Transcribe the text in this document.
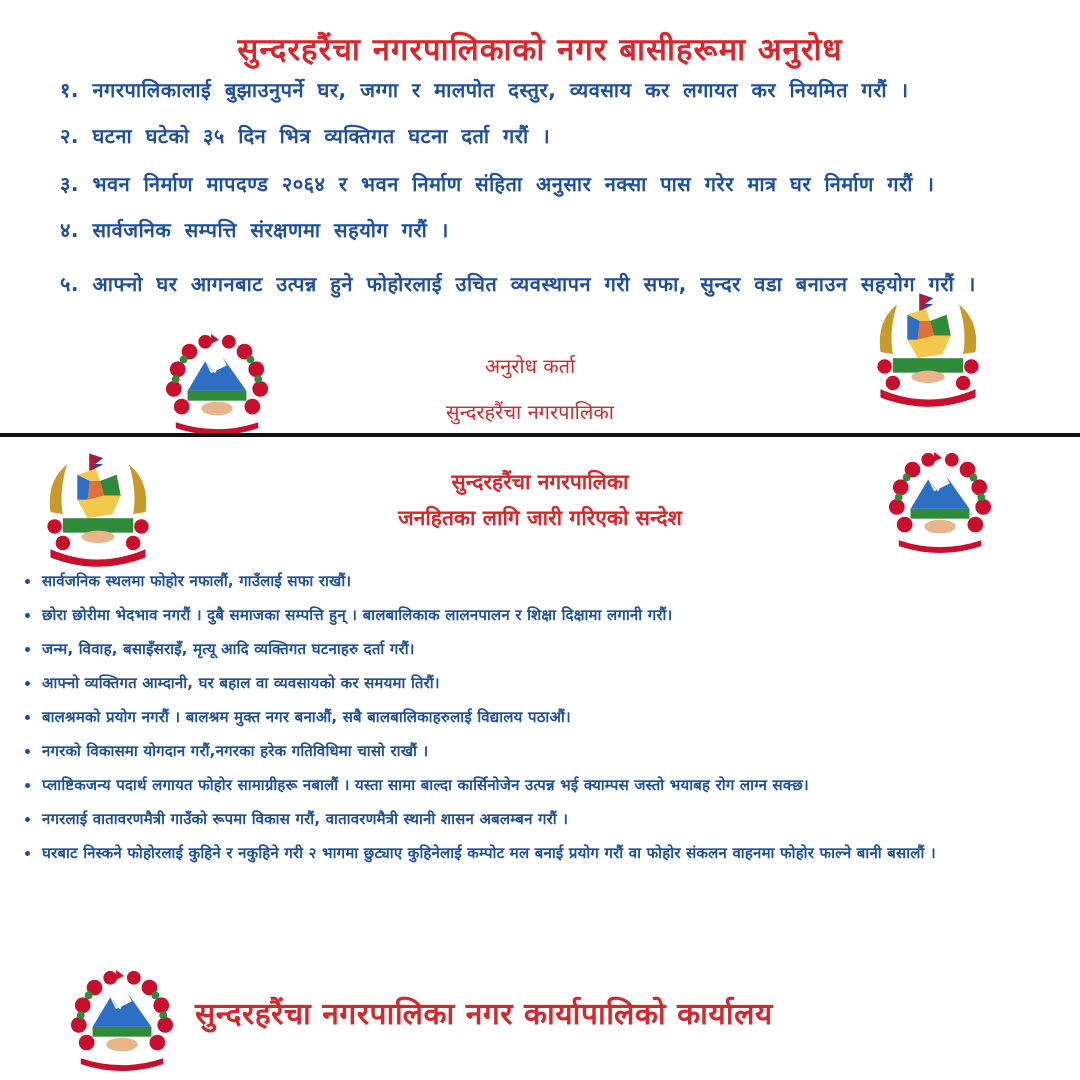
सुन्दरहरैंचा नगरपालिकाको नगर बासीहरूमा अनुरोध

१. नगरपालिकालाई बुझाउनुपर्ने घर, जग्गा र मालपोत दस्तुर, व्यवसाय कर लगायत कर नियमित गरौं ।

२. घटना घटेको ३५ दिन भित्र व्यक्तिगत घटना दर्ता गरौं ।

३. भवन निर्माण मापदण्ड २०६४ र भवन निर्माण संहिता अनुसार नक्सा पास गरेर मात्र घर निर्माण गरौं ।

४. सार्वजनिक सम्पत्ति संरक्षणमा सहयोग गरौं ।

५. आफ्नो घर आगनबाट उत्पन्न हुने फोहोरलाई उचित व्यवस्थापन गरी सफा, सुन्दर वडा बनाउन सहयोग गरौं ।

अनुरोध कर्ता
सुन्दरहरैंचा नगरपालिका
सुन्दरहरैंचा नगरपालिका
जनहितका लागि जारी गरिएको सन्देश
सार्वजनिक स्थलमा फोहोर नफालौं, गाउँलाई सफा राखौं।
छोरा छोरीमा भेदभाव नगरौं । दुबै समाजका सम्पत्ति हुन् । बालबालिकाक लालनपालन र शिक्षा दिक्षामा लगानी गरौं।
जन्म, विवाह, बसाइँसराइँ, मृत्यू आदि व्यक्तिगत घटनाहरु दर्ता गरौं।
आफ्नो व्यक्तिगत आम्दानी, घर बहाल वा व्यवसायको कर समयमा तिरौं।
बालश्रमको प्रयोग नगरौं । बालश्रम मुक्त नगर बनाऔं, सबै बालबालिकाहरुलाई विद्यालय पठाऔं।
नगरको विकासमा योगदान गरौं,नगरका हरेक गतिविधिमा चासो राखौं ।
प्लाष्टिकजन्य पदार्थ लगायत फोहोर सामाग्रीहरू नबालौं । यस्ता सामा बाल्दा कार्सिनोजेन उत्पन्न भई क्याम्पस जस्तो भयाबह रोग लाग्न सक्छ।
नगरलाई वातावरणमैत्री गाउँको रूपमा विकास गरौं, वातावरणमैत्री स्थानी शासन अबलम्बन गरौं ।
घरबाट निस्कने फोहोरलाई कुहिने र नकुहिने गरी २ भागमा छुट्याए कुहिनेलाई कम्पोट मल बनाई प्रयोग गरौं वा फोहोर संकलन वाहनमा फोहोर फाल्ने बानी बसालौं ।
सुन्दरहरैंचा नगरपालिका नगर कार्यापालिको कार्यालय
